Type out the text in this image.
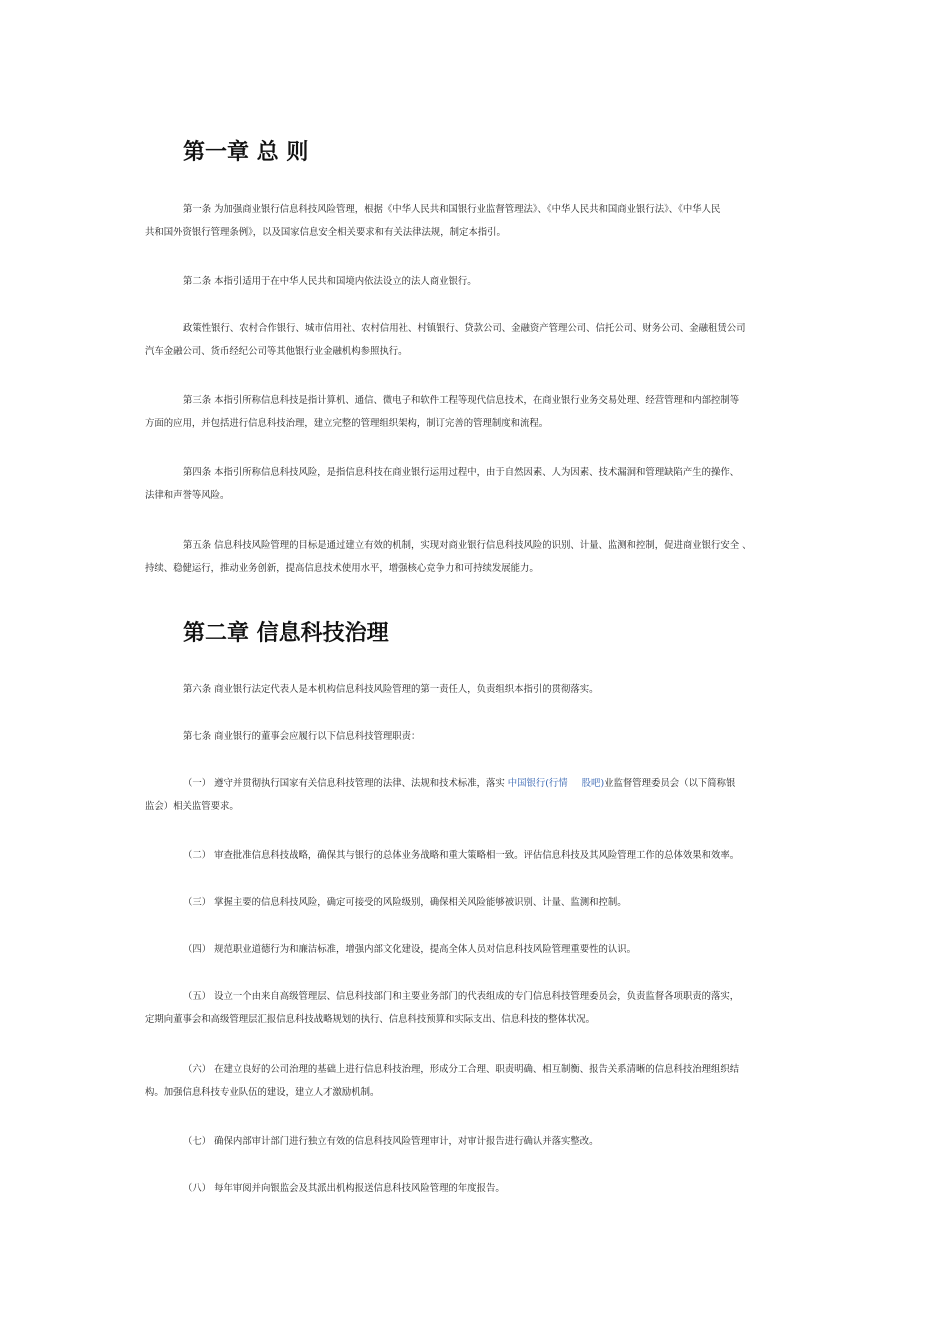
第一章 总 则
第一条 为加强商业银行信息科技风险管理，根据《中华人民共和国银行业监督管理法》、《中华人民共和国商业银行法》、《中华人民
共和国外资银行管理条例》，以及国家信息安全相关要求和有关法律法规，制定本指引。
第二条 本指引适用于在中华人民共和国境内依法设立的法人商业银行。
政策性银行、农村合作银行、城市信用社、农村信用社、村镇银行、贷款公司、金融资产管理公司、信托公司、财务公司、金融租赁公司
汽车金融公司、货币经纪公司等其他银行业金融机构参照执行。
第三条 本指引所称信息科技是指计算机、通信、微电子和软件工程等现代信息技术，在商业银行业务交易处理、经营管理和内部控制等
方面的应用，并包括进行信息科技治理，建立完整的管理组织架构，制订完善的管理制度和流程。
第四条 本指引所称信息科技风险，是指信息科技在商业银行运用过程中，由于自然因素、人为因素、技术漏洞和管理缺陷产生的操作、
法律和声誉等风险。
第五条 信息科技风险管理的目标是通过建立有效的机制，实现对商业银行信息科技风险的识别、计量、监测和控制，促进商业银行安全 、
持续、稳健运行，推动业务创新，提高信息技术使用水平，增强核心竞争力和可持续发展能力。
第二章 信息科技治理
第六条 商业银行法定代表人是本机构信息科技风险管理的第一责任人，负责组织本指引的贯彻落实。
第七条 商业银行的董事会应履行以下信息科技管理职责：
（一） 遵守并贯彻执行国家有关信息科技管理的法律、法规和技术标准，落实 中国银行(行情 股吧)业监督管理委员会（以下简称银
监会）相关监管要求。
（二） 审查批准信息科技战略，确保其与银行的总体业务战略和重大策略相一致。评估信息科技及其风险管理工作的总体效果和效率。
（三） 掌握主要的信息科技风险，确定可接受的风险级别，确保相关风险能够被识别、计量、监测和控制。
（四） 规范职业道德行为和廉洁标准，增强内部文化建设，提高全体人员对信息科技风险管理重要性的认识。
（五） 设立一个由来自高级管理层、信息科技部门和主要业务部门的代表组成的专门信息科技管理委员会，负责监督各项职责的落实，
定期向董事会和高级管理层汇报信息科技战略规划的执行、信息科技预算和实际支出、信息科技的整体状况。
（六） 在建立良好的公司治理的基础上进行信息科技治理，形成分工合理、职责明确、相互制衡、报告关系清晰的信息科技治理组织结
构。加强信息科技专业队伍的建设，建立人才激励机制。
（七） 确保内部审计部门进行独立有效的信息科技风险管理审计，对审计报告进行确认并落实整改。
（八） 每年审阅并向银监会及其派出机构报送信息科技风险管理的年度报告。
